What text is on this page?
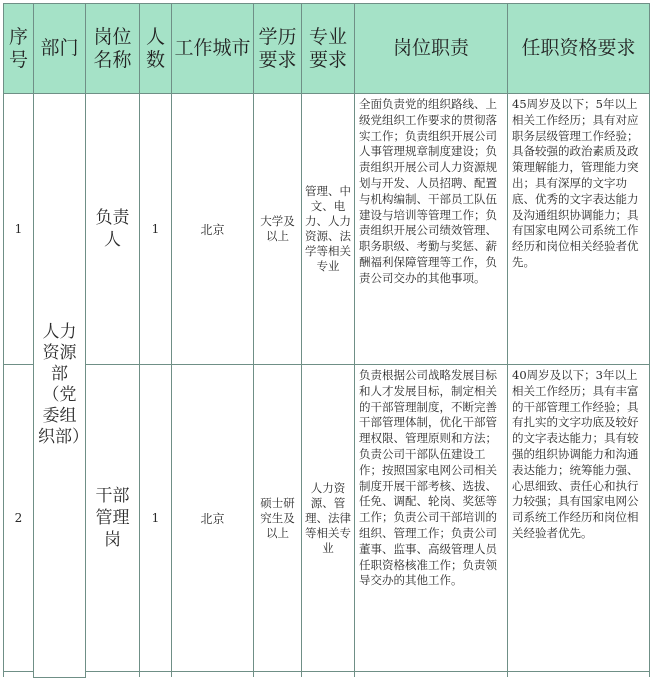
序号	部门	岗位名称	人数	工作城市	学历要求	专业要求	岗位职责	任职资格要求
1	人力资源部（党委组织部）	负责人	1	北京	大学及以上	管理、中文、电力、人力资源、法学等相关专业	全面负责党的组织路线、上级党组织工作要求的贯彻落实工作；负责组织开展公司人事管理规章制度建设；负责组织开展公司人力资源规划与开发、人员招聘、配置与机构编制、干部员工队伍建设与培训等管理工作；负责组织开展公司绩效管理、职务职级、考勤与奖惩、薪酬福利保障管理等工作，负责公司交办的其他事项。	45周岁及以下；5年以上相关工作经历；具有对应职务层级管理工作经验；具备较强的政治素质及政策理解能力，管理能力突出；具有深厚的文字功底、优秀的文字表达能力及沟通组织协调能力；具有国家电网公司系统工作经历和岗位相关经验者优先。
2		干部管理岗	1	北京	硕士研究生及以上	人力资源、管理、法律等相关专业	负责根据公司战略发展目标和人才发展目标，制定相关的干部管理制度，不断完善干部管理体制，优化干部管理权限、管理原则和方法；负责公司干部队伍建设工作；按照国家电网公司相关制度开展干部考核、选拔、任免、调配、轮岗、奖惩等工作；负责公司干部培训的组织、管理工作；负责公司董事、监事、高级管理人员任职资格核准工作；负责领导交办的其他工作。	40周岁及以下；3年以上相关工作经历；具有丰富的干部管理工作经验；具有扎实的文字功底及较好的文字表达能力；具有较强的组织协调能力和沟通表达能力；统筹能力强、心思细致、责任心和执行力较强；具有国家电网公司系统工作经历和岗位相关经验者优先。
